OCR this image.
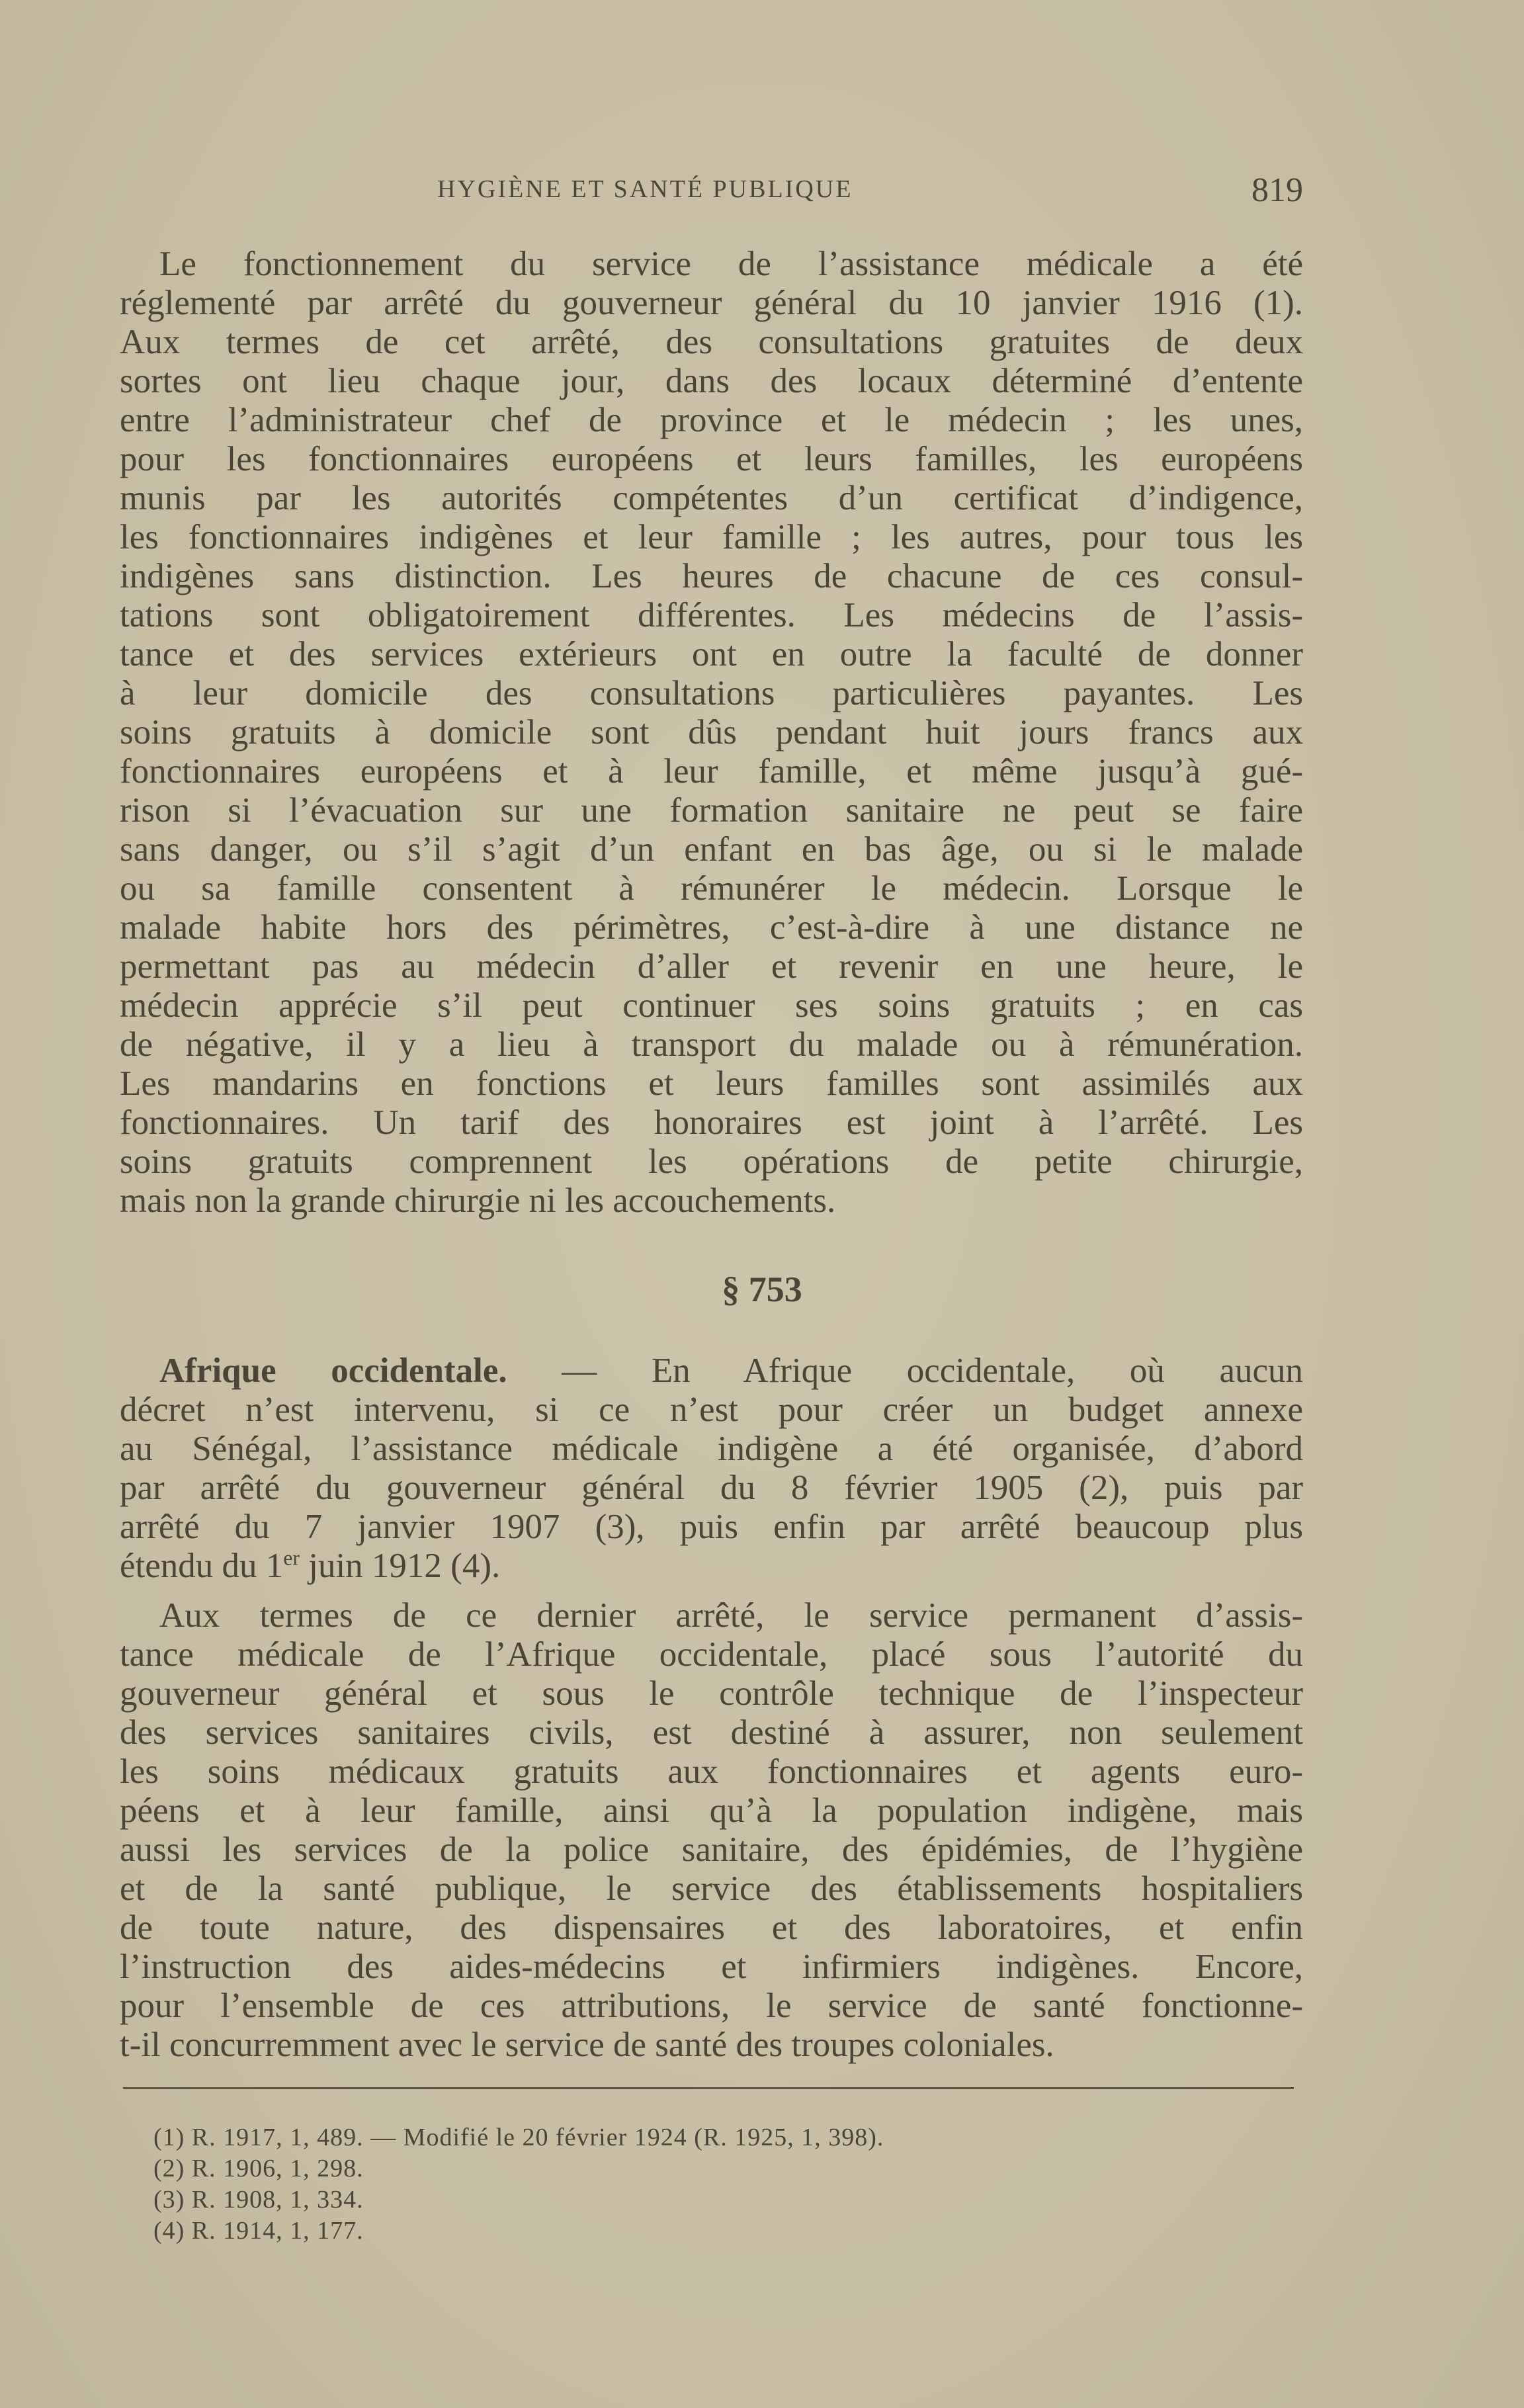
HYGIÈNE ET SANTÉ PUBLIQUE	819
Le fonctionnement du service de l’assistance médicale a été
réglementé par arrêté du gouverneur général du 10 janvier 1916 (1).
Aux termes de cet arrêté, des consultations gratuites de deux
sortes ont lieu chaque jour, dans des locaux déterminé d’entente
entre l’administrateur chef de province et le médecin ; les unes,
pour les fonctionnaires européens et leurs familles, les européens
munis par les autorités compétentes d’un certificat d’indigence,
les fonctionnaires indigènes et leur famille ; les autres, pour tous les
indigènes sans distinction. Les heures de chacune de ces consul-
tations sont obligatoirement différentes. Les médecins de l’assis-
tance et des services extérieurs ont en outre la faculté de donner
à leur domicile des consultations particulières payantes. Les
soins gratuits à domicile sont dûs pendant huit jours francs aux
fonctionnaires européens et à leur famille, et même jusqu’à gué-
rison si l’évacuation sur une formation sanitaire ne peut se faire
sans danger, ou s’il s’agit d’un enfant en bas âge, ou si le malade
ou sa famille consentent à rémunérer le médecin. Lorsque le
malade habite hors des périmètres, c’est-à-dire à une distance ne
permettant pas au médecin d’aller et revenir en une heure, le
médecin apprécie s’il peut continuer ses soins gratuits ; en cas
de négative, il y a lieu à transport du malade ou à rémunération.
Les mandarins en fonctions et leurs familles sont assimilés aux
fonctionnaires. Un tarif des honoraires est joint à l’arrêté. Les
soins gratuits comprennent les opérations de petite chirurgie,
mais non la grande chirurgie ni les accouchements.
§ 753
Afrique occidentale. — En Afrique occidentale, où aucun
décret n’est intervenu, si ce n’est pour créer un budget annexe
au Sénégal, l’assistance médicale indigène a été organisée, d’abord
par arrêté du gouverneur général du 8 février 1905 (2), puis par
arrêté du 7 janvier 1907 (3), puis enfin par arrêté beaucoup plus
étendu du 1er juin 1912 (4).
Aux termes de ce dernier arrêté, le service permanent d’assis-
tance médicale de l’Afrique occidentale, placé sous l’autorité du
gouverneur général et sous le contrôle technique de l’inspecteur
des services sanitaires civils, est destiné à assurer, non seulement
les soins médicaux gratuits aux fonctionnaires et agents euro-
péens et à leur famille, ainsi qu’à la population indigène, mais
aussi les services de la police sanitaire, des épidémies, de l’hygiène
et de la santé publique, le service des établissements hospitaliers
de toute nature, des dispensaires et des laboratoires, et enfin
l’instruction des aides-médecins et infirmiers indigènes. Encore,
pour l’ensemble de ces attributions, le service de santé fonctionne-
t-il concurremment avec le service de santé des troupes coloniales.
(1) R. 1917, 1, 489. — Modifié le 20 février 1924 (R. 1925, 1, 398).
(2) R. 1906, 1, 298.
(3) R. 1908, 1, 334.
(4) R. 1914, 1, 177.
